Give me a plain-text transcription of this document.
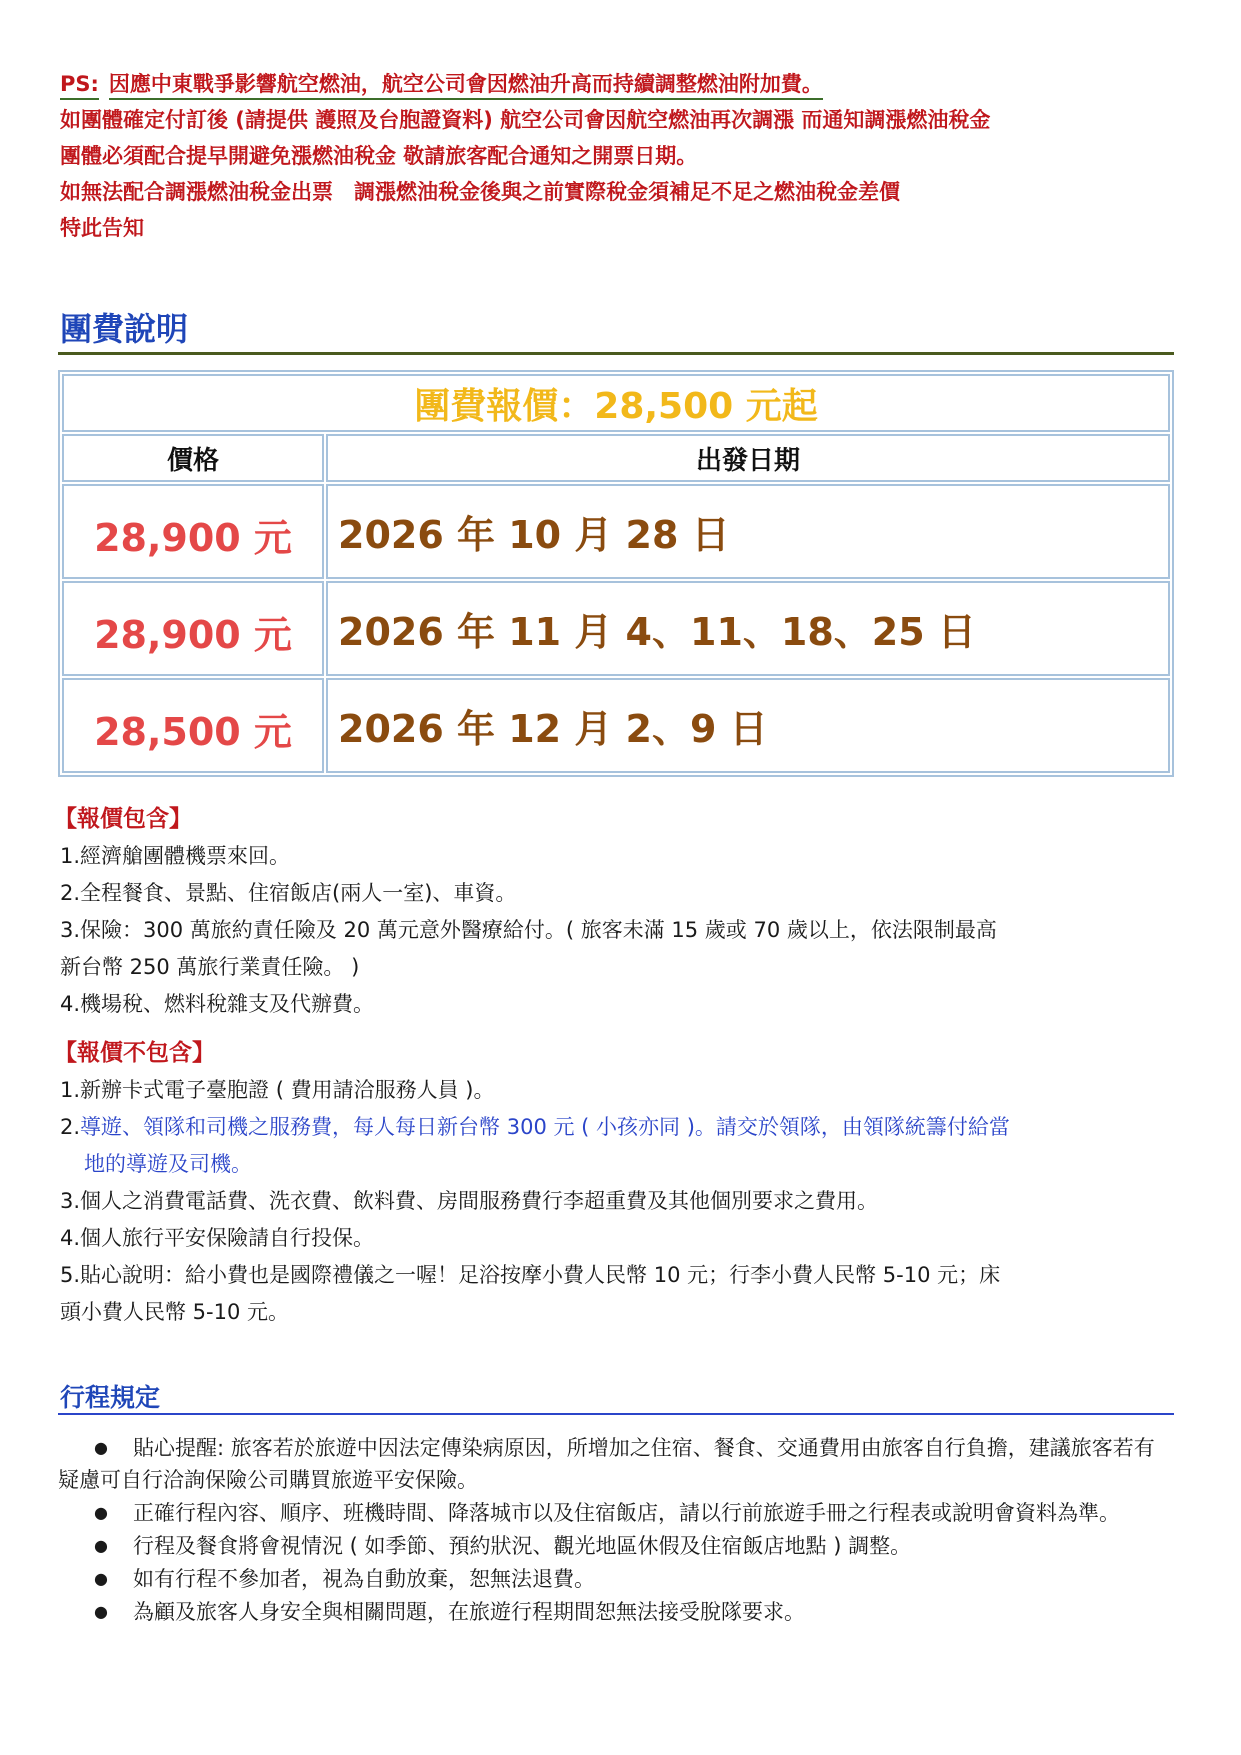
PS: 因應中東戰爭影響航空燃油，航空公司會因燃油升高而持續調整燃油附加費。
如團體確定付訂後 (請提供 護照及台胞證資料) 航空公司會因航空燃油再次調漲 而通知調漲燃油稅金
團體必須配合提早開避免漲燃油稅金 敬請旅客配合通知之開票日期。
如無法配合調漲燃油稅金出票　調漲燃油稅金後與之前實際稅金須補足不足之燃油稅金差價
特此告知
團費說明
團費報價：28,500 元起	
價格	出發日期
28,900 元	2026 年 10 月 28 日
28,900 元	2026 年 11 月 4、11、18、25 日
28,500 元	2026 年 12 月 2、9 日
【報價包含】
1.經濟艙團體機票來回。
2.全程餐食、景點、住宿飯店(兩人一室)、車資。
3.保險：300 萬旅約責任險及 20 萬元意外醫療給付。( 旅客未滿 15 歲或 70 歲以上，依法限制最高
新台幣 250 萬旅行業責任險。 )
4.機場稅、燃料稅雜支及代辦費。
【報價不包含】
1.新辦卡式電子臺胞證 ( 費用請洽服務人員 )。
2.導遊、領隊和司機之服務費，每人每日新台幣 300 元 ( 小孩亦同 )。請交於領隊，由領隊統籌付給當
地的導遊及司機。
3.個人之消費電話費、洗衣費、飲料費、房間服務費行李超重費及其他個別要求之費用。
4.個人旅行平安保險請自行投保。
5.貼心說明：給小費也是國際禮儀之一喔！足浴按摩小費人民幣 10 元；行李小費人民幣 5-10 元；床
頭小費人民幣 5-10 元。
行程規定
●	貼心提醒: 旅客若於旅遊中因法定傳染病原因，所增加之住宿、餐食、交通費用由旅客自行負擔，建議旅客若有疑慮可自行洽詢保險公司購買旅遊平安保險。
●	正確行程內容、順序、班機時間、降落城市以及住宿飯店，請以行前旅遊手冊之行程表或說明會資料為準。
●	行程及餐食將會視情況 ( 如季節、預約狀況、觀光地區休假及住宿飯店地點 ) 調整。
●	如有行程不參加者，視為自動放棄，恕無法退費。
●	為顧及旅客人身安全與相關問題，在旅遊行程期間恕無法接受脫隊要求。
